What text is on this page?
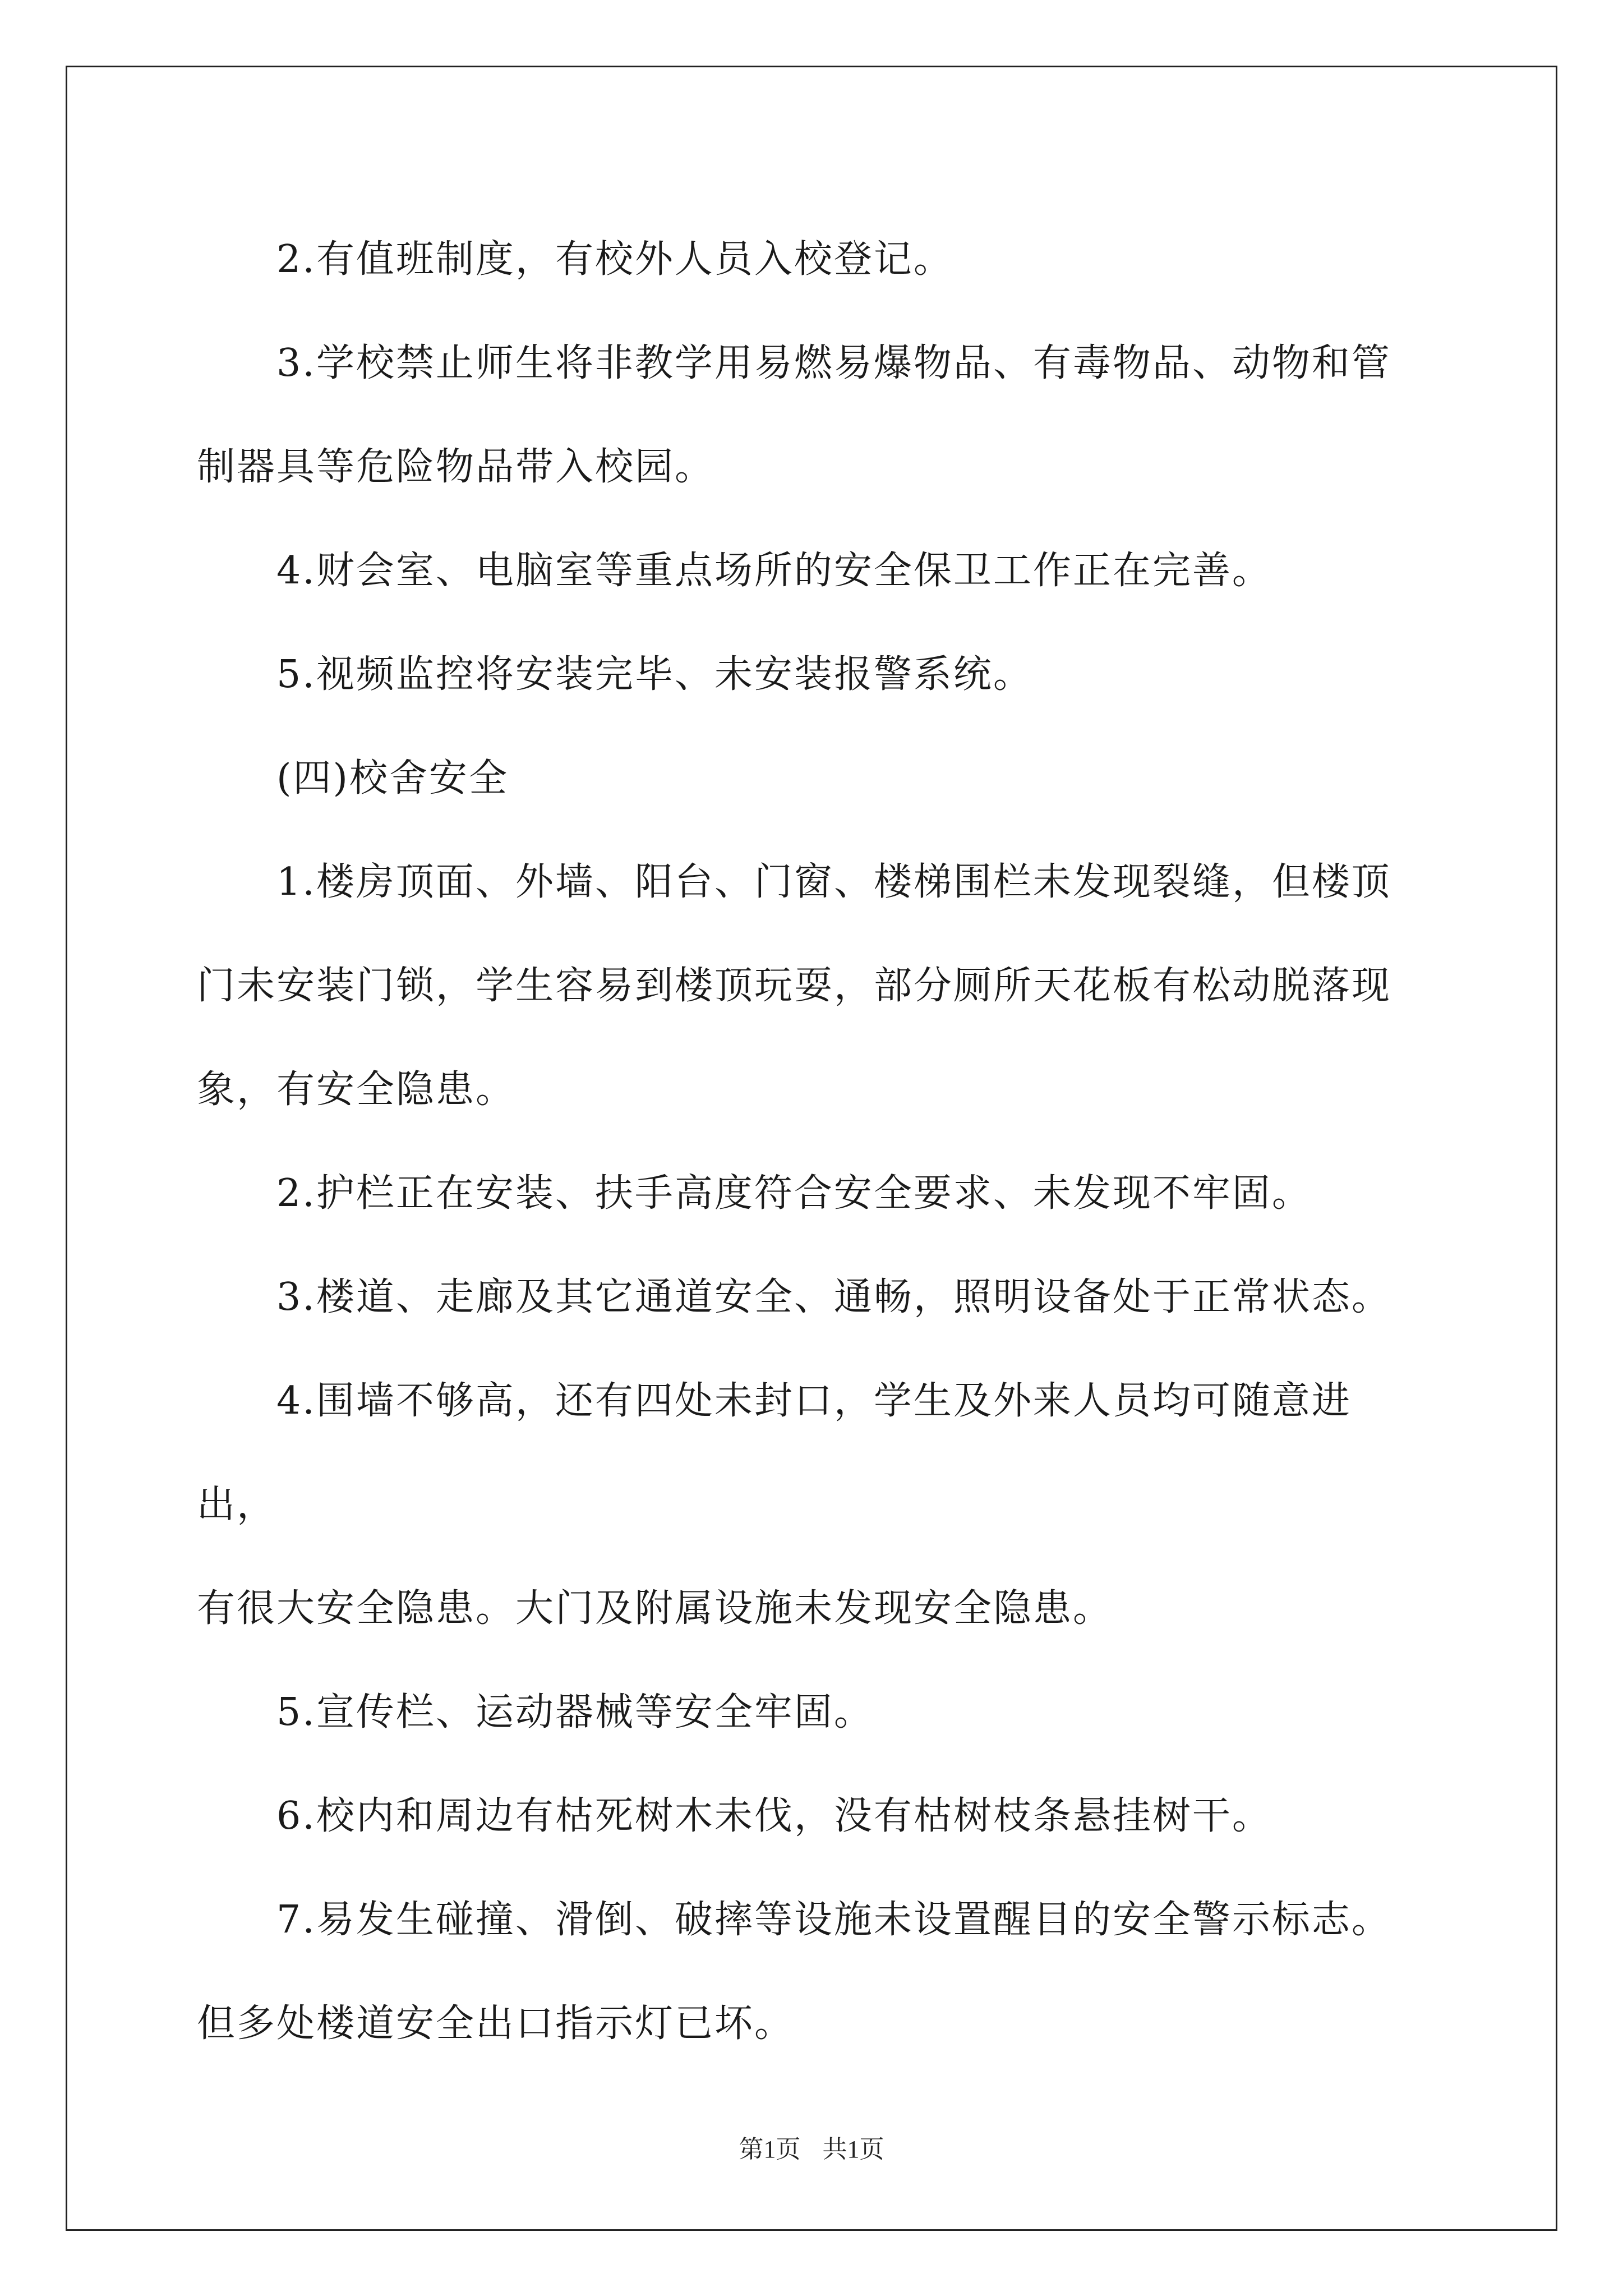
2.有值班制度，有校外人员入校登记。
3.学校禁止师生将非教学用易燃易爆物品、有毒物品、动物和管
制器具等危险物品带入校园。
4.财会室、电脑室等重点场所的安全保卫工作正在完善。
5.视频监控将安装完毕、未安装报警系统。
(四)校舍安全
1.楼房顶面、外墙、阳台、门窗、楼梯围栏未发现裂缝，但楼顶
门未安装门锁，学生容易到楼顶玩耍，部分厕所天花板有松动脱落现
象，有安全隐患。
2.护栏正在安装、扶手高度符合安全要求、未发现不牢固。
3.楼道、走廊及其它通道安全、通畅，照明设备处于正常状态。
4.围墙不够高，还有四处未封口，学生及外来人员均可随意进出，
有很大安全隐患。大门及附属设施未发现安全隐患。
5.宣传栏、运动器械等安全牢固。
6.校内和周边有枯死树木未伐，没有枯树枝条悬挂树干。
7.易发生碰撞、滑倒、破摔等设施未设置醒目的安全警示标志。
但多处楼道安全出口指示灯已坏。
第1页 共1页
